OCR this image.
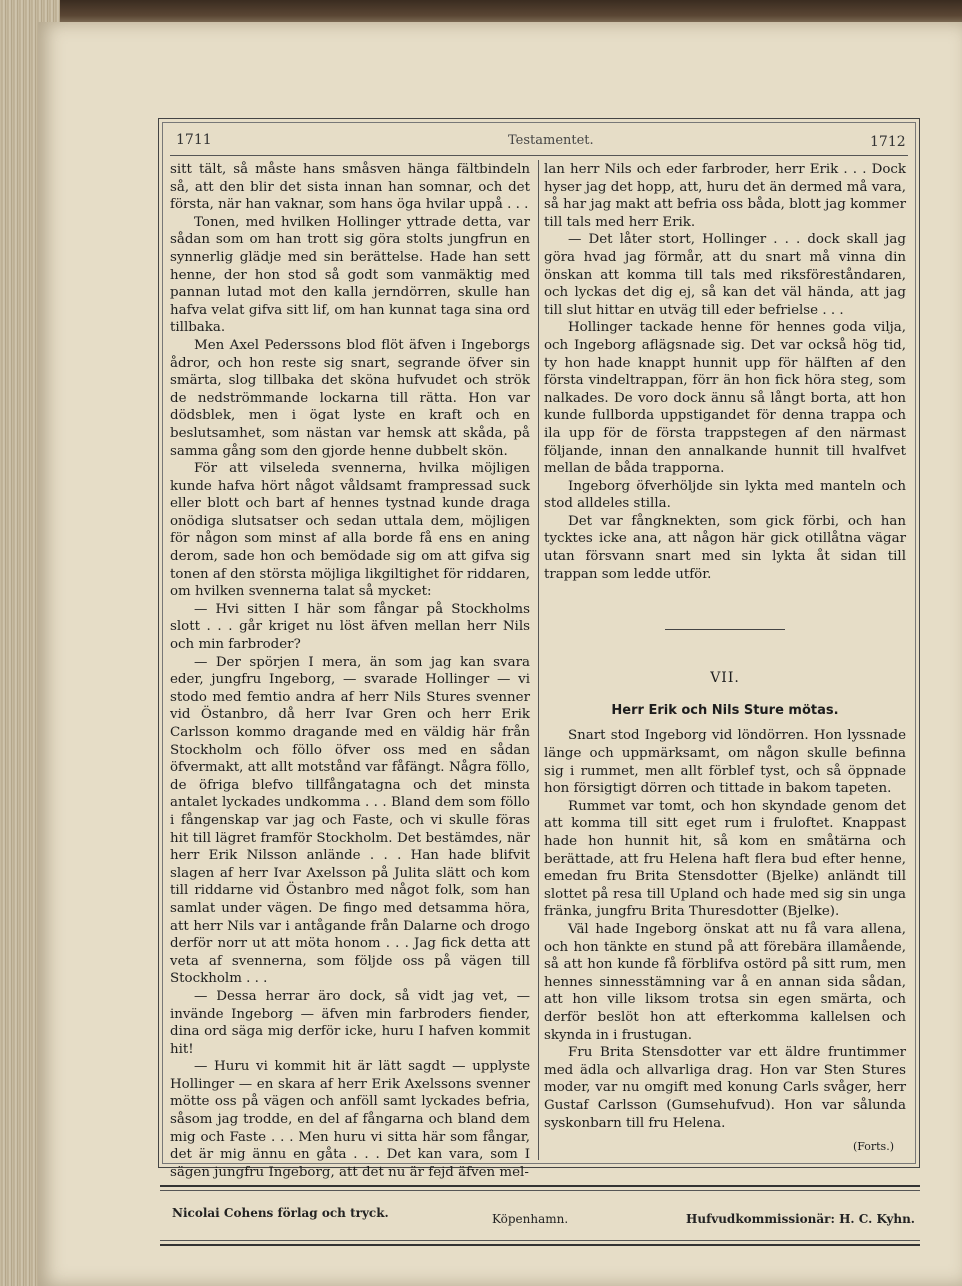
1711	Testamentet.	1712

sitt tält, så måste hans småsven hänga fältbindeln så, att den blir det sista innan han somnar, och det första, när han vaknar, som hans öga hvilar uppå . . .

Tonen, med hvilken Hollinger yttrade detta, var sådan som om han trott sig göra stolts jungfrun en synnerlig glädje med sin berättelse. Hade han sett henne, der hon stod så godt som vanmäktig med pannan lutad mot den kalla jerndörren, skulle han hafva velat gifva sitt lif, om han kunnat taga sina ord tillbaka.

Men Axel Pederssons blod flöt äfven i Ingeborgs ådror, och hon reste sig snart, segrande öfver sin smärta, slog tillbaka det sköna hufvudet och strök de nedströmmande lockarna till rätta. Hon var dödsblek, men i ögat lyste en kraft och en beslutsamhet, som nästan var hemsk att skåda, på samma gång som den gjorde henne dubbelt skön.

För att vilseleda svennerna, hvilka möjligen kunde hafva hört något våldsamt frampressad suck eller blott och bart af hennes tystnad kunde draga onödiga slutsatser och sedan uttala dem, möjligen för någon som minst af alla borde få ens en aning derom, sade hon och bemödade sig om att gifva sig tonen af den största möjliga likgiltighet för riddaren, om hvilken svennerna talat så mycket:

— Hvi sitten I här som fångar på Stockholms slott . . . går kriget nu löst äfven mellan herr Nils och min farbroder?

— Der spörjen I mera, än som jag kan svara eder, jungfru Ingeborg, — svarade Hollinger — vi stodo med femtio andra af herr Nils Stures svenner vid Östanbro, då herr Ivar Gren och herr Erik Carlsson kommo dragande med en väldig här från Stockholm och föllo öfver oss med en sådan öfvermakt, att allt motstånd var fåfängt. Några föllo, de öfriga blefvo tillfångatagna och det minsta antalet lyckades undkomma . . . Bland dem som föllo i fångenskap var jag och Faste, och vi skulle föras hit till lägret framför Stockholm. Det bestämdes, när herr Erik Nilsson anlände . . . Han hade blifvit slagen af herr Ivar Axelsson på Julita slätt och kom till riddarne vid Östanbro med något folk, som han samlat under vägen. De fingo med detsamma höra, att herr Nils var i antågande från Dalarne och drogo derför norr ut att möta honom . . . Jag fick detta att veta af svennerna, som följde oss på vägen till Stockholm . . .

— Dessa herrar äro dock, så vidt jag vet, — invände Ingeborg — äfven min farbroders fiender, dina ord säga mig derför icke, huru I hafven kommit hit!

— Huru vi kommit hit är lätt sagdt — upplyste Hollinger — en skara af herr Erik Axelssons svenner mötte oss på vägen och anföll samt lyckades befria, såsom jag trodde, en del af fångarna och bland dem mig och Faste . . . Men huru vi sitta här som fångar, det är mig ännu en gåta . . . Det kan vara, som I sägen jungfru Ingeborg, att det nu är fejd äfven mel-

lan herr Nils och eder farbroder, herr Erik . . . Dock hyser jag det hopp, att, huru det än dermed må vara, så har jag makt att befria oss båda, blott jag kommer till tals med herr Erik.

— Det låter stort, Hollinger . . . dock skall jag göra hvad jag förmår, att du snart må vinna din önskan att komma till tals med riksföreståndaren, och lyckas det dig ej, så kan det väl hända, att jag till slut hittar en utväg till eder befrielse . . .

Hollinger tackade henne för hennes goda vilja, och Ingeborg aflägsnade sig. Det var också hög tid, ty hon hade knappt hunnit upp för hälften af den första vindeltrappan, förr än hon fick höra steg, som nalkades. De voro dock ännu så långt borta, att hon kunde fullborda uppstigandet för denna trappa och ila upp för de första trappstegen af den närmast följande, innan den annalkande hunnit till hvalfvet mellan de båda trapporna.

Ingeborg öfverhöljde sin lykta med manteln och stod alldeles stilla.

Det var fångknekten, som gick förbi, och han tycktes icke ana, att någon här gick otillåtna vägar utan försvann snart med sin lykta åt sidan till trappan som ledde utför.

VII.
Herr Erik och Nils Sture mötas.

Snart stod Ingeborg vid löndörren. Hon lyssnade länge och uppmärksamt, om någon skulle befinna sig i rummet, men allt förblef tyst, och så öppnade hon försigtigt dörren och tittade in bakom tapeten.

Rummet var tomt, och hon skyndade genom det att komma till sitt eget rum i fruloftet. Knappast hade hon hunnit hit, så kom en småtärna och berättade, att fru Helena haft flera bud efter henne, emedan fru Brita Stensdotter (Bjelke) anländt till slottet på resa till Upland och hade med sig sin unga fränka, jungfru Brita Thuresdotter (Bjelke).

Väl hade Ingeborg önskat att nu få vara allena, och hon tänkte en stund på att förebära illamående, så att hon kunde få förblifva ostörd på sitt rum, men hennes sinnesstämning var å en annan sida sådan, att hon ville liksom trotsa sin egen smärta, och derför beslöt hon att efterkomma kallelsen och skynda in i frustugan.

Fru Brita Stensdotter var ett äldre fruntimmer med ädla och allvarliga drag. Hon var Sten Stures moder, var nu omgift med konung Carls svåger, herr Gustaf Carlsson (Gumsehufvud). Hon var sålunda syskonbarn till fru Helena.

(Forts.)
Nicolai Cohens förlag och tryck.	Köpenhamn.	Hufvudkommissionär: H. C. Kyhn.
